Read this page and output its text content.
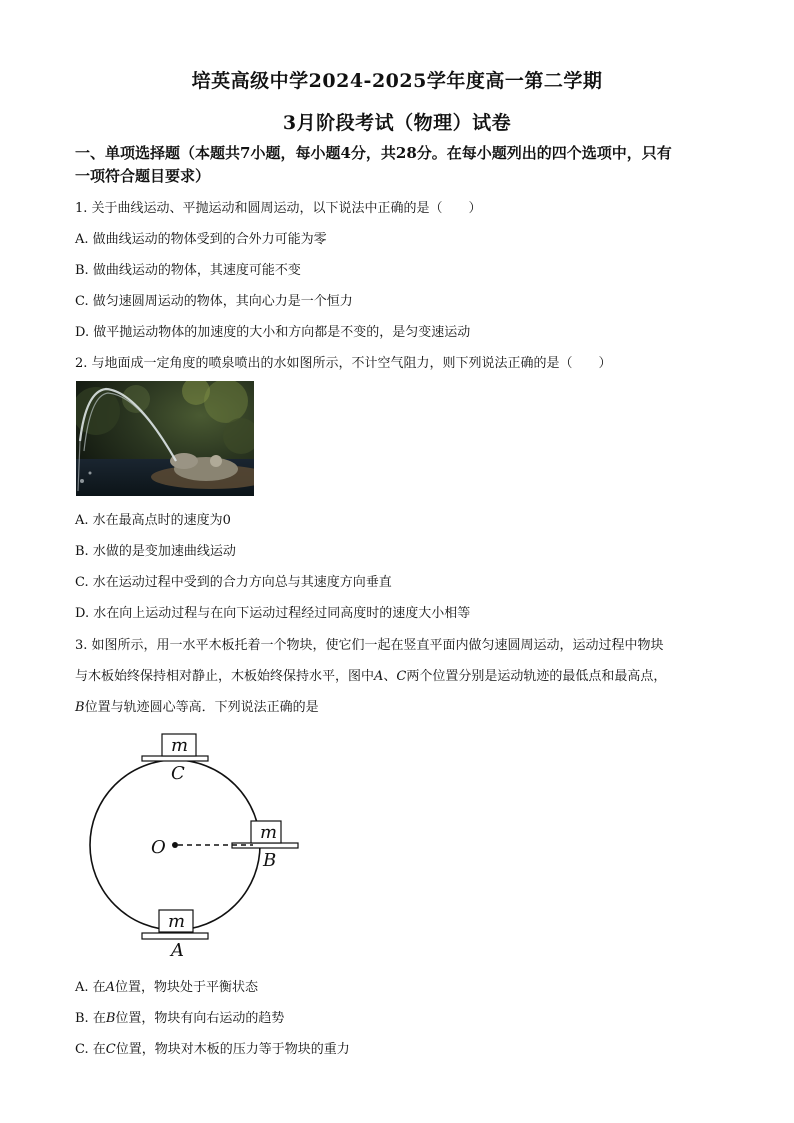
培英高级中学2024-2025学年度高一第二学期
3月阶段考试（物理）试卷
一、单项选择题（本题共7小题，每小题4分，共28分。在每小题列出的四个选项中，只有
一项符合题目要求）
1. 关于曲线运动、平抛运动和圆周运动，以下说法中正确的是（　　）
A. 做曲线运动的物体受到的合外力可能为零
B. 做曲线运动的物体，其速度可能不变
C. 做匀速圆周运动的物体，其向心力是一个恒力
D. 做平抛运动物体的加速度的大小和方向都是不变的，是匀变速运动
2. 与地面成一定角度的喷泉喷出的水如图所示，不计空气阻力，则下列说法正确的是（　　）
A. 水在最高点时的速度为0
B. 水做的是变加速曲线运动
C. 水在运动过程中受到的合力方向总与其速度方向垂直
D. 水在向上运动过程与在向下运动过程经过同高度时的速度大小相等
3. 如图所示，用一水平木板托着一个物块，使它们一起在竖直平面内做匀速圆周运动，运动过程中物块
与木板始终保持相对静止，木板始终保持水平，图中A、C两个位置分别是运动轨迹的最低点和最高点，
B位置与轨迹圆心等高．下列说法正确的是
m
C
m
B
O
m
A
A. 在A位置，物块处于平衡状态
B. 在B位置，物块有向右运动的趋势
C. 在C位置，物块对木板的压力等于物块的重力
